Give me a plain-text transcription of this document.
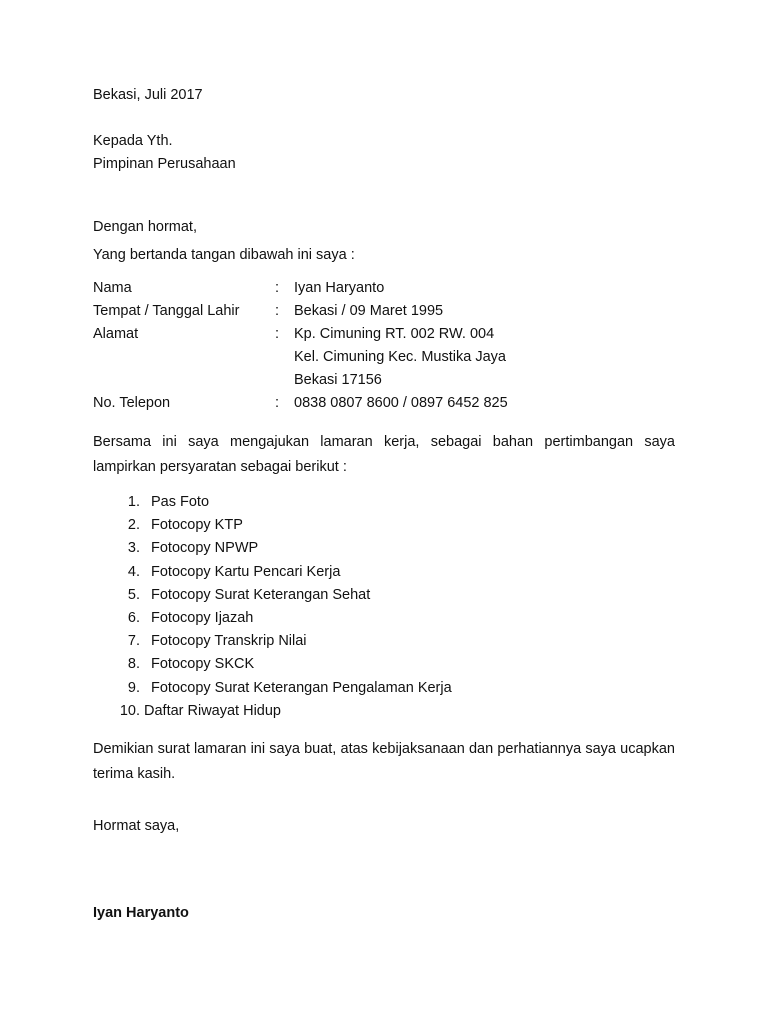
Bekasi, Juli 2017
Kepada Yth.
Pimpinan Perusahaan
Dengan hormat,
Yang bertanda tangan dibawah ini saya :
Nama	: Iyan Haryanto
Tempat / Tanggal Lahir : Bekasi / 09 Maret 1995
Alamat	: Kp. Cimuning RT. 002 RW. 004
Kel. Cimuning Kec. Mustika Jaya
Bekasi 17156
No. Telepon	: 0838 0807 8600 / 0897 6452 825
Bersama ini saya mengajukan lamaran kerja, sebagai bahan pertimbangan saya lampirkan persyaratan sebagai berikut :
1. Pas Foto
2. Fotocopy KTP
3. Fotocopy NPWP
4. Fotocopy Kartu Pencari Kerja
5. Fotocopy Surat Keterangan Sehat
6. Fotocopy Ijazah
7. Fotocopy Transkrip Nilai
8. Fotocopy SKCK
9. Fotocopy Surat Keterangan Pengalaman Kerja
10. Daftar Riwayat Hidup
Demikian surat lamaran ini saya buat, atas kebijaksanaan dan perhatiannya saya ucapkan terima kasih.
Hormat saya,
Iyan Haryanto
